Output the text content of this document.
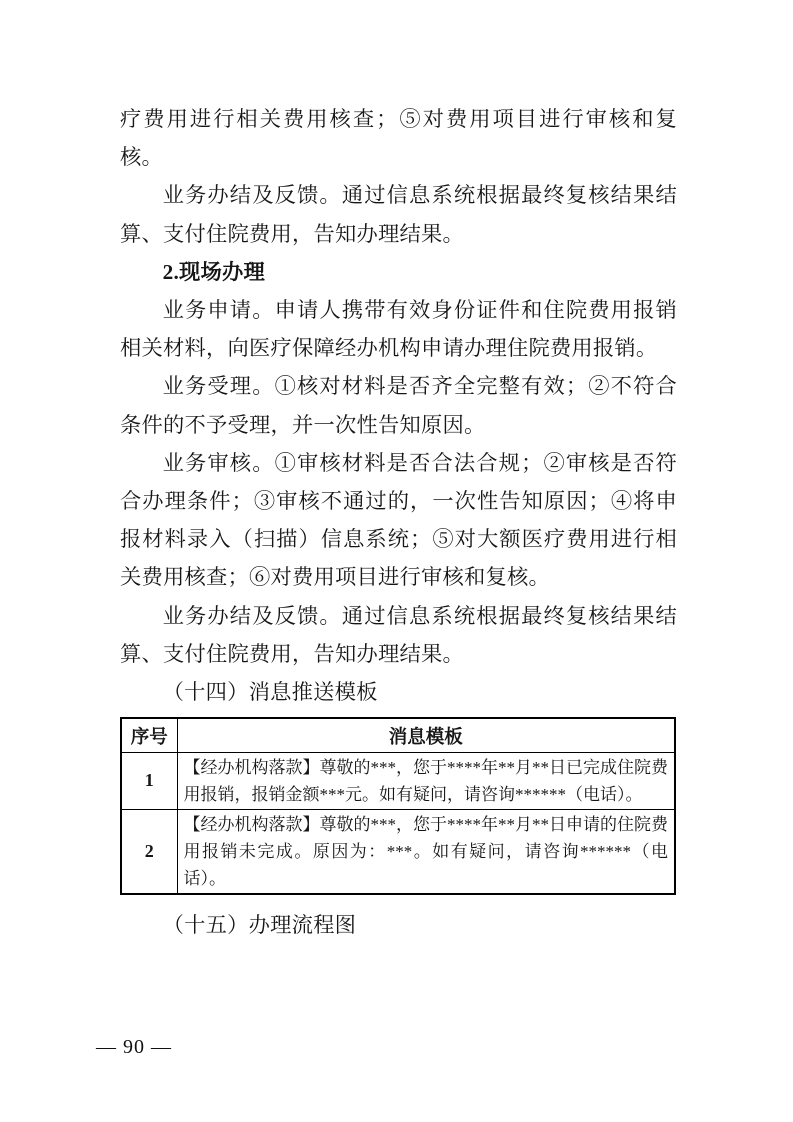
疗费用进行相关费用核查；⑤对费用项目进行审核和复核。

业务办结及反馈。通过信息系统根据最终复核结果结算、支付住院费用，告知办理结果。

2.现场办理

业务申请。申请人携带有效身份证件和住院费用报销相关材料，向医疗保障经办机构申请办理住院费用报销。

业务受理。①核对材料是否齐全完整有效；②不符合条件的不予受理，并一次性告知原因。

业务审核。①审核材料是否合法合规；②审核是否符合办理条件；③审核不通过的，一次性告知原因；④将申报材料录入（扫描）信息系统；⑤对大额医疗费用进行相关费用核查；⑥对费用项目进行审核和复核。

业务办结及反馈。通过信息系统根据最终复核结果结算、支付住院费用，告知办理结果。

（十四）消息推送模板

序号	消息模板
1	【经办机构落款】尊敬的***，您于****年**月**日已完成住院费用报销，报销金额***元。如有疑问，请咨询******（电话）。
2	【经办机构落款】尊敬的***，您于****年**月**日申请的住院费用报销未完成。原因为：***。如有疑问，请咨询******（电话）。

（十五）办理流程图

— 90 —
